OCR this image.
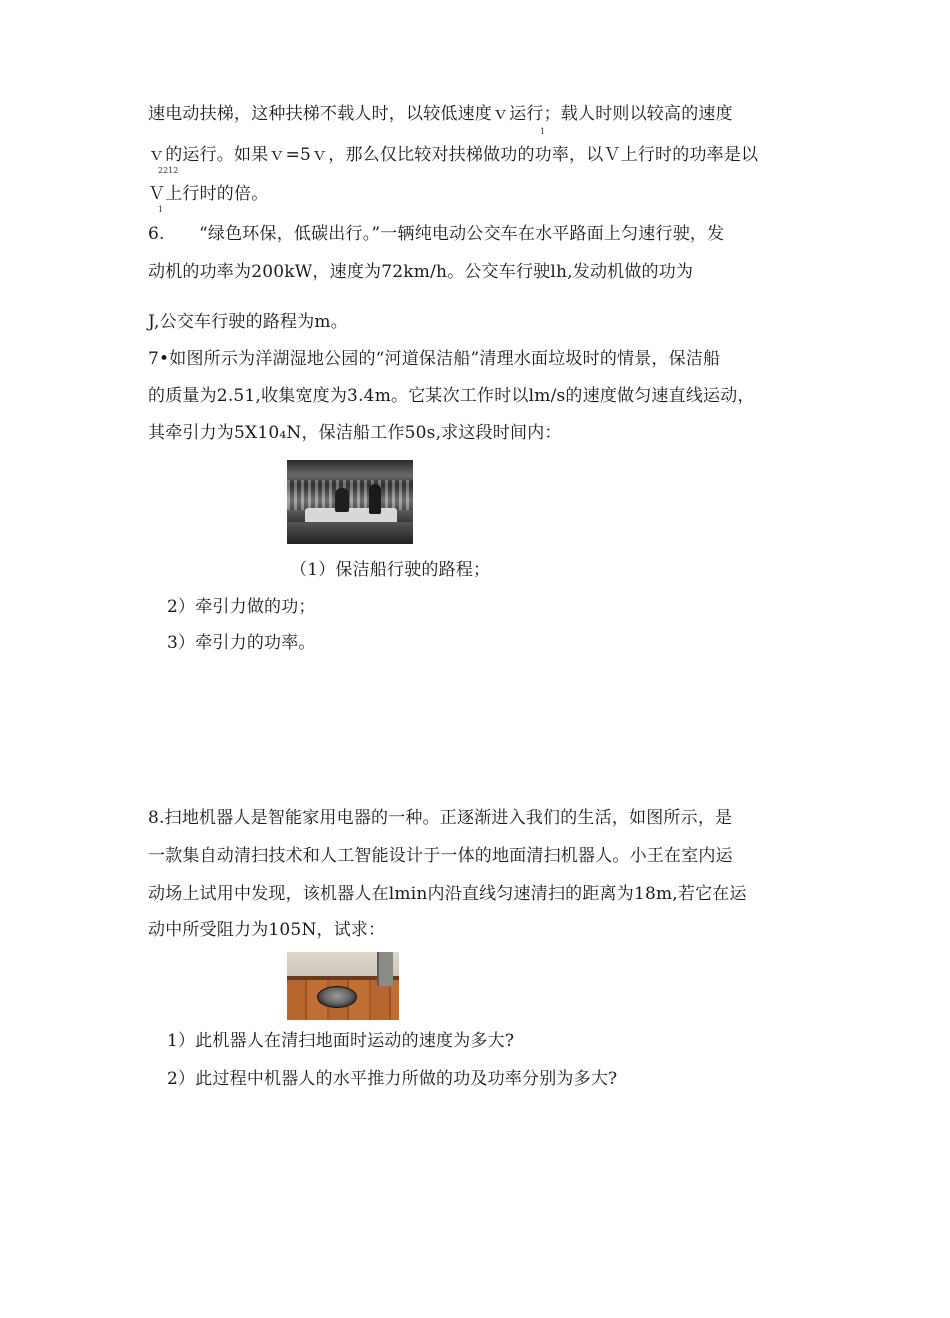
速电动扶梯，这种扶梯不载人时，以较低速度ｖ运行；载人时则以较高的速度
1
ｖ的运行。如果ｖ=5ｖ，那么仅比较对扶梯做功的功率，以Ｖ上行时的功率是以
2212
Ｖ上行时的倍。
1
6.　　“绿色环保，低碳出行。”一辆纯电动公交车在水平路面上匀速行驶，发
动机的功率为200kW，速度为72km/h。公交车行驶lh,发动机做的功为
J,公交车行驶的路程为m。
7•如图所示为洋湖湿地公园的“河道保洁船”清理水面垃圾时的情景，保洁船
的质量为2.51,收集宽度为3.4m。它某次工作时以lm/s的速度做匀速直线运动，
其牵引力为5X10₄N，保洁船工作50s,求这段时间内：
（1）保洁船行驶的路程；
2）牵引力做的功；
3）牵引力的功率。
8.扫地机器人是智能家用电器的一种。正逐渐进入我们的生活，如图所示，是
一款集自动清扫技术和人工智能设计于一体的地面清扫机器人。小王在室内运
动场上试用中发现，该机器人在lmin内沿直线匀速清扫的距离为18m,若它在运
动中所受阻力为105N，试求：
1）此机器人在清扫地面时运动的速度为多大?
2）此过程中机器人的水平推力所做的功及功率分别为多大?
